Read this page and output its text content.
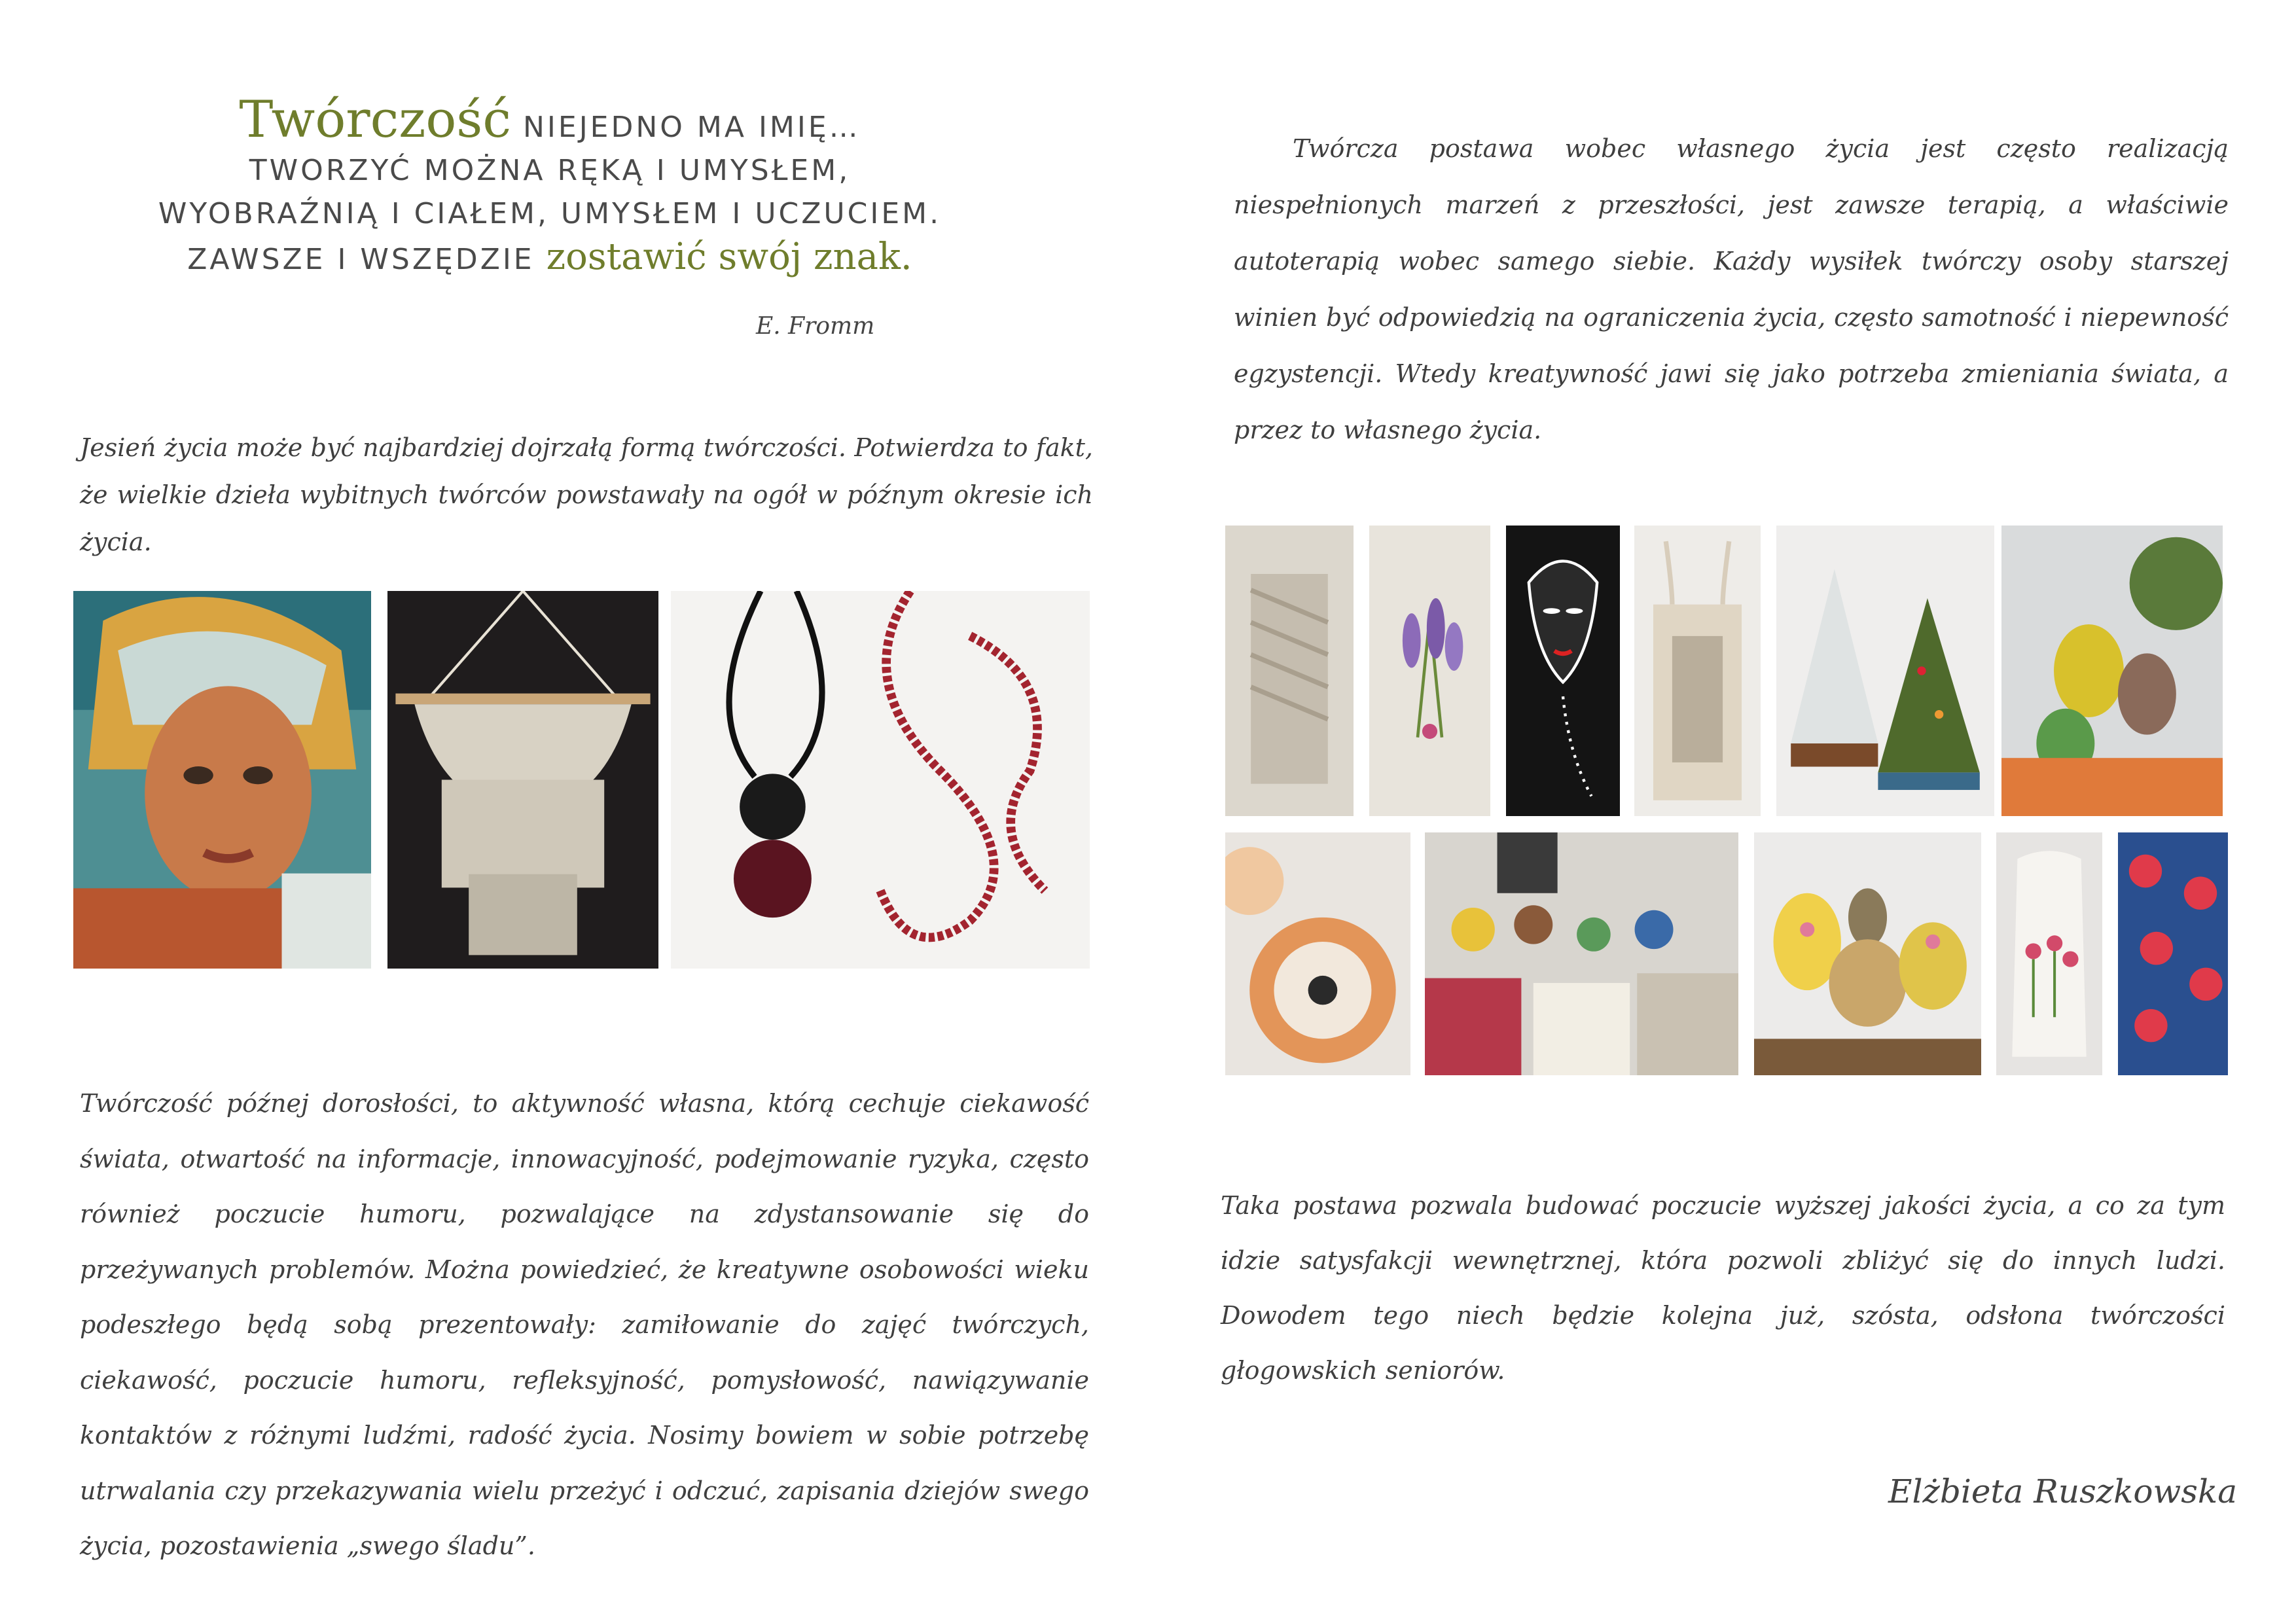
Twórczość NIEJEDNO MA IMIĘ…
TWORZYĆ MOŻNA RĘKĄ I UMYSŁEM,
WYOBRAŹNIĄ I CIAŁEM, UMYSŁEM I UCZUCIEM.
ZAWSZE I WSZĘDZIE zostawić swój znak.
E. Fromm
Jesień życia może być najbardziej dojrzałą formą twórczości. Potwierdza to fakt, że wielkie dzieła wybitnych twórców powstawały na ogół w późnym okresie ich życia.
Twórczość późnej dorosłości, to aktywność własna, którą cechuje ciekawość świata, otwartość na informacje, innowacyjność, podejmowanie ryzyka, często również poczucie humoru, pozwalające na zdystansowanie się do przeżywanych problemów. Można powiedzieć, że kreatywne osobowości wieku podeszłego będą sobą prezentowały: zamiłowanie do zajęć twórczych, ciekawość, poczucie humoru, refleksyjność, pomysłowość, nawiązywanie kontaktów z różnymi ludźmi, radość życia. Nosimy bowiem w sobie potrzebę utrwalania czy przekazywania wielu przeżyć i odczuć, zapisania dziejów swego życia, pozostawienia „swego śladu”.
Twórcza postawa wobec własnego życia jest często realizacją niespełnionych marzeń z przeszłości, jest zawsze terapią, a właściwie autoterapią wobec samego siebie. Każdy wysiłek twórczy osoby starszej winien być odpowiedzią na ograniczenia życia, często samotność i niepewność egzystencji. Wtedy kreatywność jawi się jako potrzeba zmieniania świata, a przez to własnego życia.
Taka postawa pozwala budować poczucie wyższej jakości życia, a co za tym idzie satysfakcji wewnętrznej, która pozwoli zbliżyć się do innych ludzi. Dowodem tego niech będzie kolejna już, szósta, odsłona twórczości głogowskich seniorów.
Elżbieta Ruszkowska
